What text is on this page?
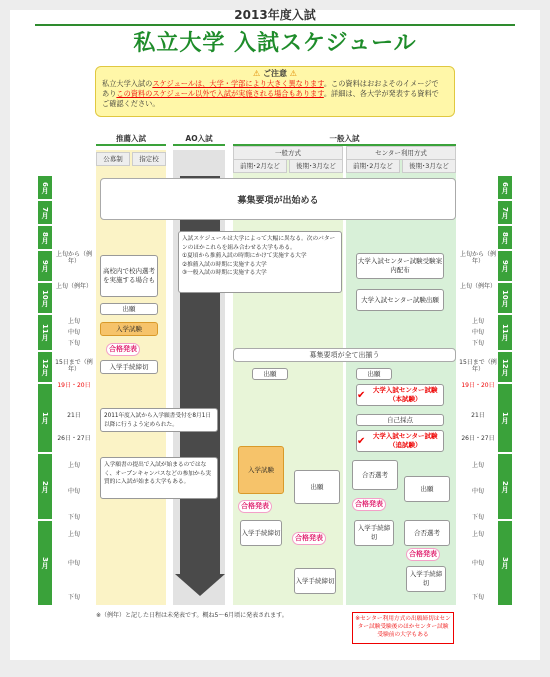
2013年度入試
私立大学 入試スケジュール
⚠ ご注意 ⚠
私立大学入試のスケジュールは、大学・学部により大きく異なります。この資料はおおよそのイメージで
ありこの資料のスケジュール以外で入試が実施される場合もあります。詳細は、各大学が発表する資料で
ご確認ください。
推薦入試	AO入試	一般入試
一般方式	センター利用方式
公募制	指定校
前期･2月など	後期･3月など	前期･2月など	後期･3月など
6月
7月
8月
9月
10月
11月
12月
1月
2月
3月
6月
7月
8月
9月
10月
11月
12月
1月
2月
3月
上旬から（例年）
上旬（例年）
上旬
中旬
下旬
15日まで（例年）
19日・20日
21日
26日・27日
上旬
中旬
下旬
上旬
中旬
下旬
上旬から（例年）
上旬（例年）
上旬
中旬
下旬
15日まで（例年）
19日・20日
21日
26日・27日
上旬
中旬
下旬
上旬
中旬
下旬
募集要項が出始める
募集要項が全て出揃う
高校内で校内選考を実施する場合も
出願
入学試験
合格発表
入学手続締切
入試スケジュールは大学によって大幅に異なる。次のパターンのほかこれらを組み合わせる大学もある。
①夏頃から推薦入試の時期にかけて実施する大学
②推薦入試の時期に実施する大学
③一般入試の時期に実施する大学
2011年度入試から入学願書受付を8月1日以降に行うよう定められた。
入学願書の提出で入試が始まるのではなく、オープンキャンパスなどの参加から実質的に入試が始まる大学もある。
出願
入学試験
出願
合格発表
入学手続締切
合格発表
入学手続締切
大学入試センター試験受験案内配布
大学入試センター試験出願
出願
✔	大学入試センター試験（本試験）
自己採点
✔	大学入試センター試験（追試験）
合否選考
出願
合格発表
入学手続締切
合否選考
合格発表
入学手続締切
※（例年）と記した日程は未発表です。概ね5～6月頃に発表されます。	※センター利用方式の出願締切はセンター試験受験後のほかセンター試験受験前の大学もある
